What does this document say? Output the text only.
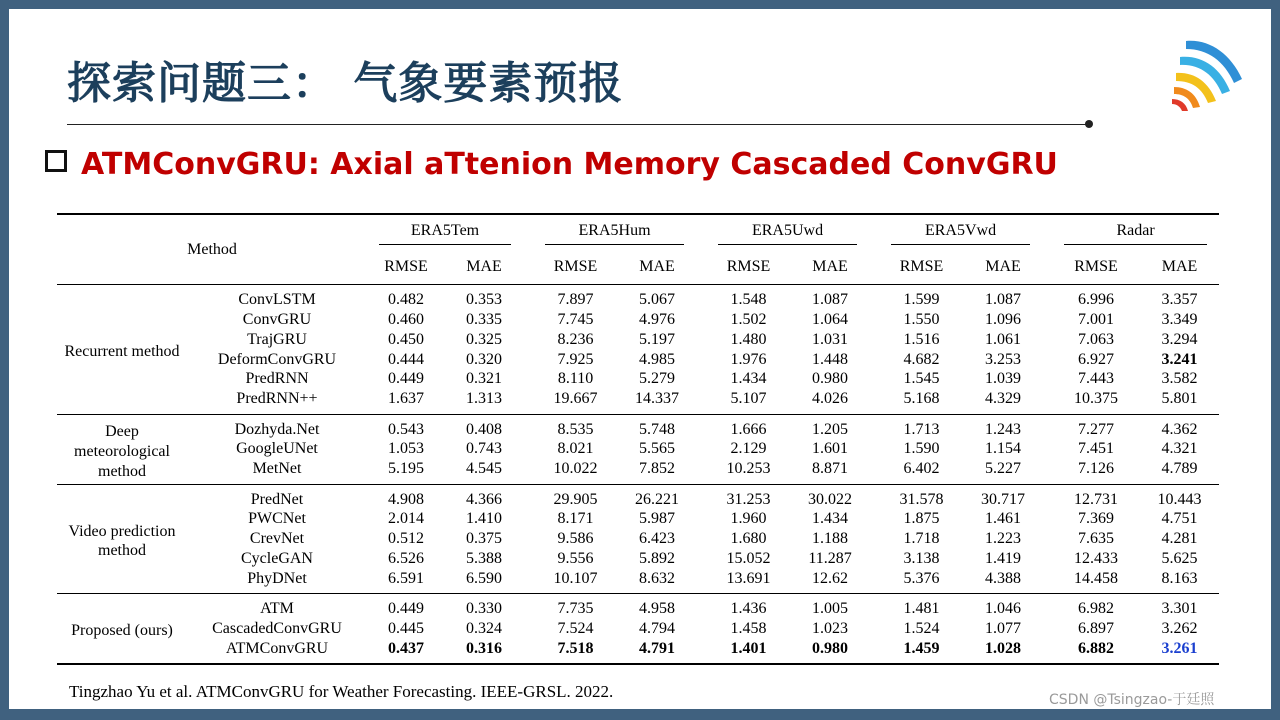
探索问题三： 气象要素预报
ATMConvGRU: Axial aTtenion Memory Cascaded ConvGRU
Method		ERA5Tem			ERA5Hum			ERA5Uwd			ERA5Vwd			Radar	

		RMSE	MAE		RMSE	MAE		RMSE	MAE		RMSE	MAE		RMSE	MAE
Recurrent method	ConvLSTM	0.482	0.353		7.897	5.067		1.548	1.087		1.599	1.087		6.996	3.357
	ConvGRU	0.460	0.335		7.745	4.976		1.502	1.064		1.550	1.096		7.001	3.349
	TrajGRU	0.450	0.325		8.236	5.197		1.480	1.031		1.516	1.061		7.063	3.294
	DeformConvGRU	0.444	0.320		7.925	4.985		1.976	1.448		4.682	3.253		6.927	3.241
	PredRNN	0.449	0.321		8.110	5.279		1.434	0.980		1.545	1.039		7.443	3.582
	PredRNN++	1.637	1.313		19.667	14.337		5.107	4.026		5.168	4.329		10.375	5.801
Deep meteorological method	Dozhyda.Net	0.543	0.408		8.535	5.748		1.666	1.205		1.713	1.243		7.277	4.362
	GoogleUNet	1.053	0.743		8.021	5.565		2.129	1.601		1.590	1.154		7.451	4.321
	MetNet	5.195	4.545		10.022	7.852		10.253	8.871		6.402	5.227		7.126	4.789
Video prediction method	PredNet	4.908	4.366		29.905	26.221		31.253	30.022		31.578	30.717		12.731	10.443
	PWCNet	2.014	1.410		8.171	5.987		1.960	1.434		1.875	1.461		7.369	4.751
	CrevNet	0.512	0.375		9.586	6.423		1.680	1.188		1.718	1.223		7.635	4.281
	CycleGAN	6.526	5.388		9.556	5.892		15.052	11.287		3.138	1.419		12.433	5.625
	PhyDNet	6.591	6.590		10.107	8.632		13.691	12.62		5.376	4.388		14.458	8.163
Proposed (ours)	ATM	0.449	0.330		7.735	4.958		1.436	1.005		1.481	1.046		6.982	3.301
	CascadedConvGRU	0.445	0.324		7.524	4.794		1.458	1.023		1.524	1.077		6.897	3.262
	ATMConvGRU	0.437	0.316		7.518	4.791		1.401	0.980		1.459	1.028		6.882	3.261
Tingzhao Yu et al. ATMConvGRU for Weather Forecasting. IEEE-GRSL. 2022.	CSDN @Tsingzao-于廷照
